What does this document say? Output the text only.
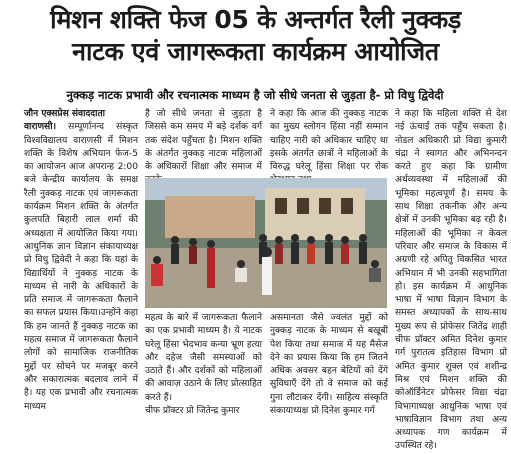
मिशन शक्ति फेज 05 के अन्तर्गत रैली नुक्कड़
नाटक एवं जागरूकता कार्यक्रम आयोजित
नुक्कड़ नाटक प्रभावी और रचनात्मक माध्यम है जो सीधे जनता से जुड़ता है- प्रो विधु द्विवेदी

जौन एक्सप्रेस संवाददाता
वाराणसी। सम्पूर्णानन्द संस्कृत विश्वविद्यालय वाराणसी में मिशन शक्ति के विशेष अभियान फेज-5 का आयोजन आज अपरान्ह 2:00 बजे केन्द्रीय कार्यालय के समक्ष रैली नुक्कड़ नाटक एवं जागरूकता कार्यक्रम मिशन शक्ति के अंतर्गत कुलपति बिहारी लाल शर्मा की अध्यक्षता में आयोजित किया गया। आधुनिक ज्ञान विज्ञान संकायाध्यक्ष प्रो विधु द्विवेदी ने कहा कि यहां के विद्यार्थियों ने नुक्कड़ नाटक के माध्यम से नारी के अधिकारों के प्रति समाज में जागरूकता फैलाने का सफल प्रयास किया।उन्होंने कहा कि हम जानते हैं नुक्कड़ नाटक का महत्व समाज में जागरूकता फैलाने लोगों को सामाजिक राजनीतिक मुद्दों पर सोचने पर मजबूर करने और सकारात्मक बदलाव लाने में है। यह एक प्रभावी और रचनात्मक माध्यम

है जो सीधे जनता से जुड़ता है जिससे कम समय में बड़े दर्शक वर्ग तक संदेश पहुँचता है। मिशन शक्ति के अंतर्गत नुक्कड़ नाटक महिलाओं के अधिकारों शिक्षा और समाज में

ने कहा कि आज की नुक्कड़ नाटक का मुख्य स्लोगन हिंसा नहीं सम्मान चाहिए नारी को अधिकार चाहिए था इसके अंतर्गत छात्रों ने महिलाओं के विरुद्ध घरेलू हिंसा शिक्षा पर रोक

महत्व के बारे में जागरूकता फैलाने का एक प्रभावी माध्यम है। ये नाटक घरेलू हिंसा भेदभाव कन्या भ्रूण हत्या और दहेज जैसी समस्याओं को उठाते हैं। और दर्शकों को महिलाओं की आवाज़ उठाने के लिए प्रोत्साहित करते हैं।

चीफ प्रॉक्टर प्रो जितेन्द्र कुमार

असमानता जैसे ज्वलंत मुद्दों को नुक्कड़ नाटक के माध्यम से बखूबी पेश किया तथा समाज में यह मैसेज देने का प्रयास किया कि हम जितने अधिक अवसर बहन बेटियों को देंगे सुविधाएँ देंगे तो वे समाज को कई गुना लौटाकर देंगी। साहित्य संस्कृति संकायाध्यक्ष प्रो दिनेश कुमार गर्ग

ने कहा कि महिला शक्ति से देश नई ऊंचाई तक पहुँच सकता है। नोडल अधिकारी प्रो विद्या कुमारी चंद्रा ने स्वागत और अभिनन्दन करते हुए कहा कि ग्रामीण अर्थव्यवस्था में महिलाओं की भूमिका महत्वपूर्ण है। समय के साथ शिक्षा तकनीक और अन्य क्षेत्रों में उनकी भूमिका बढ़ रही है। महिलाओं की भूमिका न केवल परिवार और समाज के विकास में अग्रणी रहे अपितु विकसित भारत अभियान में भी उनकी सहभागिता हो। इस कार्यक्रम में आधुनिक भाषा में भाषा विज्ञान विभाग के समस्त अध्यापकों के साथ-साथ मुख्य रूप से प्रोफेसर जितेंद्र शाही चीफ प्रॉक्टर अमित दिनेश कुमार गर्ग पुरातत्व इतिहास विभाग प्रो अमित कुमार शुक्ल एवं शशीन्द्र मिश्र एवं मिशन शक्ति की कोऑर्डिनेटर प्रोफेसर विद्या चंद्रा विभागाध्यक्ष आधुनिक भाषा एवं भाषाविज्ञान विभाग तथा अन्य अध्यापक गण कार्यक्रम में उपस्थित रहे।
